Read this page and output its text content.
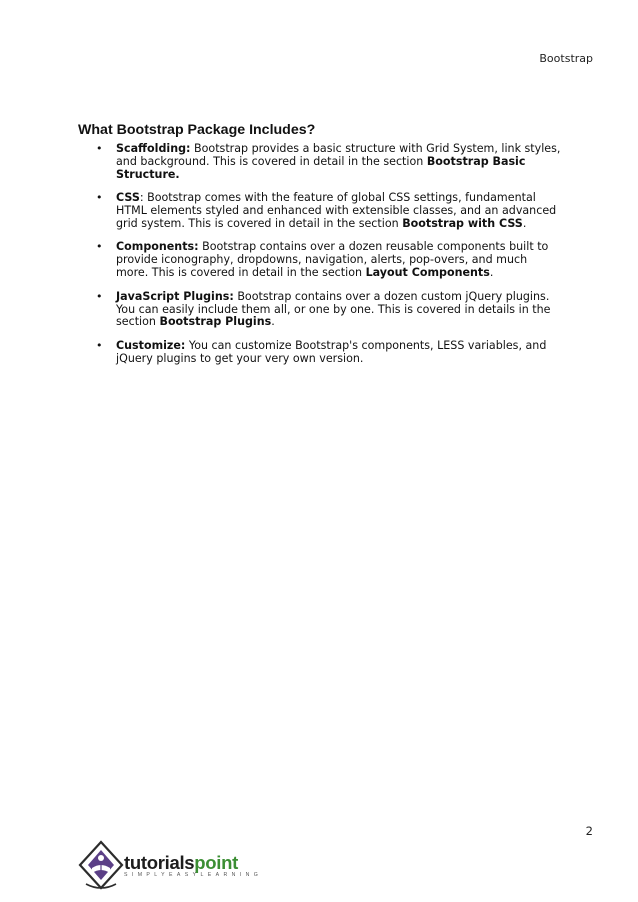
Bootstrap
What Bootstrap Package Includes?
• Scaffolding: Bootstrap provides a basic structure with Grid System, link styles, and background. This is covered in detail in the section Bootstrap Basic Structure.
• CSS: Bootstrap comes with the feature of global CSS settings, fundamental HTML elements styled and enhanced with extensible classes, and an advanced grid system. This is covered in detail in the section Bootstrap with CSS.
• Components: Bootstrap contains over a dozen reusable components built to provide iconography, dropdowns, navigation, alerts, pop-overs, and much more. This is covered in detail in the section Layout Components.
• JavaScript Plugins: Bootstrap contains over a dozen custom jQuery plugins. You can easily include them all, or one by one. This is covered in details in the section Bootstrap Plugins.
• Customize: You can customize Bootstrap's components, LESS variables, and jQuery plugins to get your very own version.
2
tutorialspoint
SIMPLYEASYLEARNING
